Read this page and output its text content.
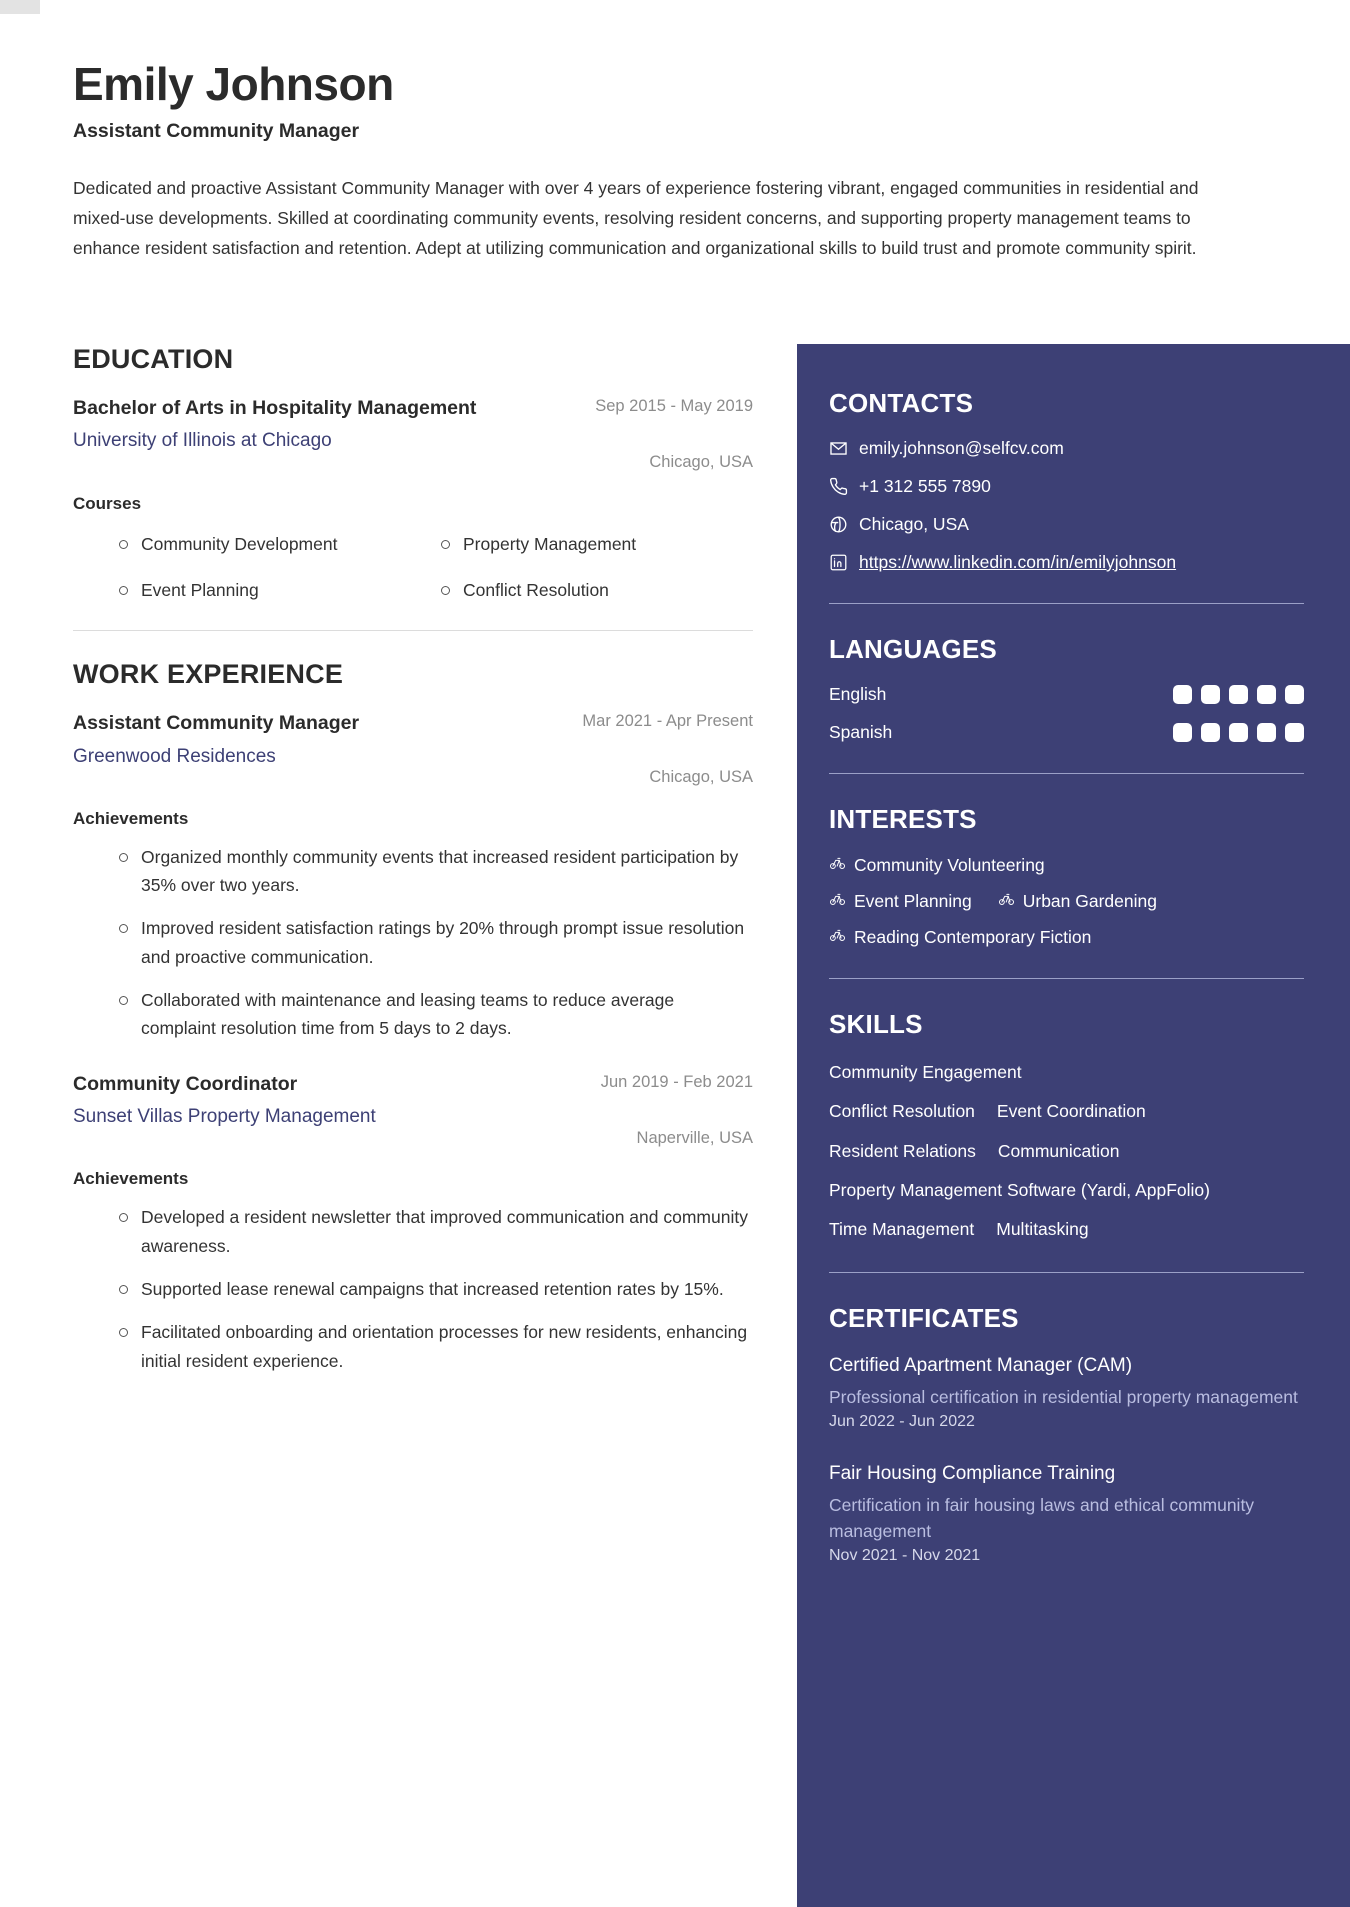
Emily Johnson
Assistant Community Manager
Dedicated and proactive Assistant Community Manager with over 4 years of experience fostering vibrant, engaged communities in residential and mixed-use developments. Skilled at coordinating community events, resolving resident concerns, and supporting property management teams to enhance resident satisfaction and retention. Adept at utilizing communication and organizational skills to build trust and promote community spirit.
EDUCATION
Bachelor of Arts in Hospitality Management
University of Illinois at Chicago
Sep 2015 - May 2019
Chicago, USA
Courses
Community Development	Property Management
Event Planning	Conflict Resolution
WORK EXPERIENCE
Assistant Community Manager
Greenwood Residences
Mar 2021 - Apr Present
Chicago, USA
Achievements
Organized monthly community events that increased resident participation by 35% over two years.
Improved resident satisfaction ratings by 20% through prompt issue resolution and proactive communication.
Collaborated with maintenance and leasing teams to reduce average complaint resolution time from 5 days to 2 days.
Community Coordinator
Sunset Villas Property Management
Jun 2019 - Feb 2021
Naperville, USA
Achievements
Developed a resident newsletter that improved communication and community awareness.
Supported lease renewal campaigns that increased retention rates by 15%.
Facilitated onboarding and orientation processes for new residents, enhancing initial resident experience.
CONTACTS
emily.johnson@selfcv.com
+1 312 555 7890
Chicago, USA
https://www.linkedin.com/in/emilyjohnson
LANGUAGES
English
Spanish
INTERESTS
Community Volunteering
Event Planning	Urban Gardening
Reading Contemporary Fiction
SKILLS
Community Engagement
Conflict Resolution Event Coordination
Resident Relations Communication
Property Management Software (Yardi, AppFolio)
Time Management Multitasking
CERTIFICATES
Certified Apartment Manager (CAM)
Professional certification in residential property management
Jun 2022 - Jun 2022
Fair Housing Compliance Training
Certification in fair housing laws and ethical community management
Nov 2021 - Nov 2021
